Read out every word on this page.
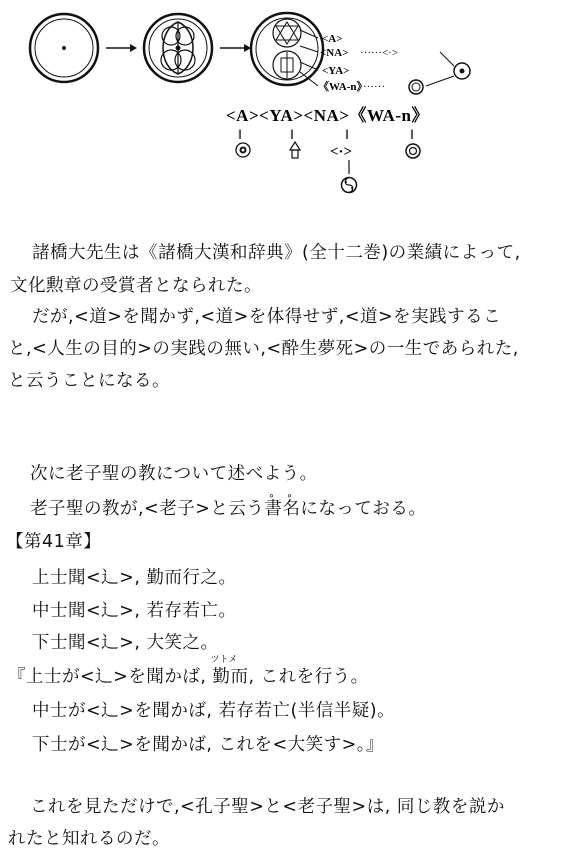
<A>
<NA> ······<·>
<YA>
《WA-n》
······
<A><YA><NA>《WA-n》
‖	‖	‖	‖
<·>
諸橋大先生は《諸橋大漢和辞典》(全十二巻)の業績によって,
文化勲章の受賞者となられた。
だが,<道>を聞かず,<道>を体得せず,<道>を実践するこ
と,<人生の目的>の実践の無い,<酔生夢死>の一生であられた,
と云うことになる。
次に老子聖の教について述べよう。
老子聖の教が,<老子>と云う∘ 書∘ 名になっておる。
【第41章】
上士聞<辶>, 勤而行之。
中士聞<辶>, 若存若亡。
下士聞<辶>, 大笑之。
『上士が<辶>を聞かば,
ツトメ
勤而, これを行う。
中士が<辶>を聞かば, 若存若亡(半信半疑)。
下士が<辶>を聞かば, これを<大笑す>。』
これを見ただけで,<孔子聖>と<老子聖>は, 同じ教を説か
れたと知れるのだ。
